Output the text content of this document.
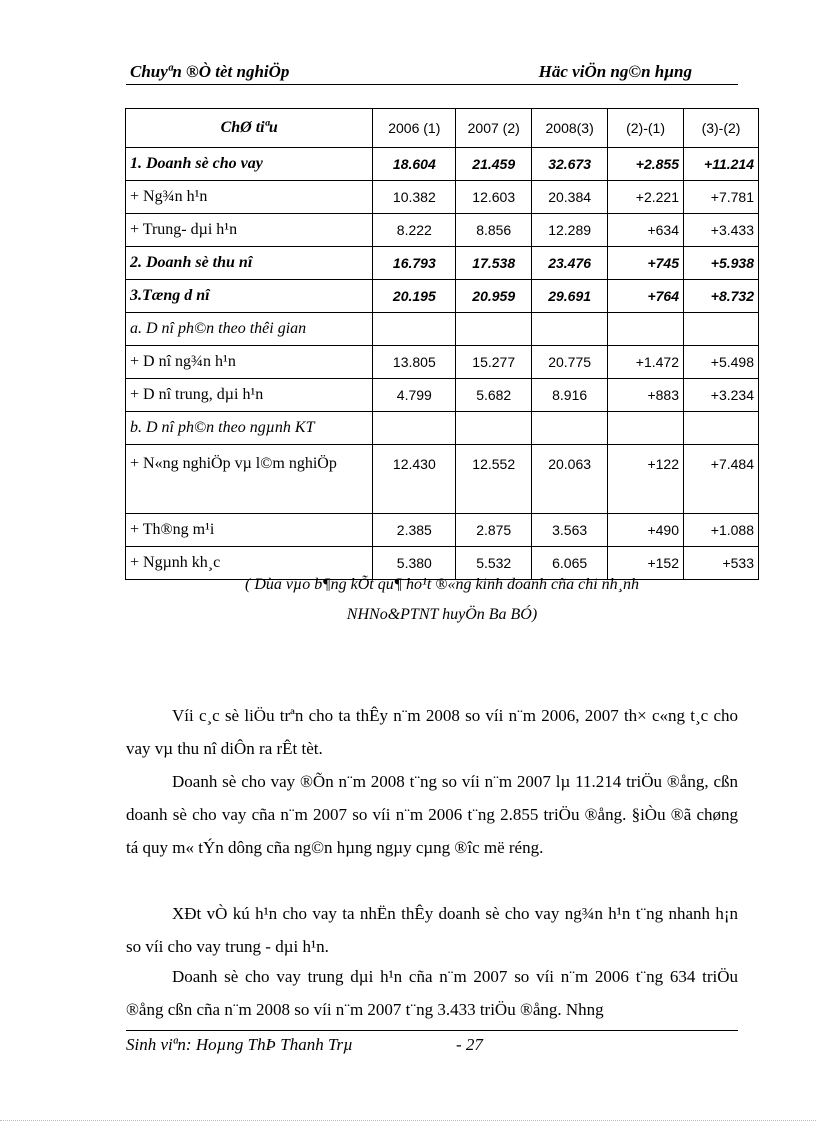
Chuyªn ®Ò tèt nghiÖp	Häc viÖn ng©n hµng
ChØ tiªu	2006 (1)	2007 (2)	2008(3)	(2)-(1)	(3)-(2)
1. Doanh sè cho vay	18.604	21.459	32.673	+2.855	+11.214
+ Ng¾n h¹n	10.382	12.603	20.384	+2.221	+7.781
+ Trung- dµi h¹n	8.222	8.856	12.289	+634	+3.433
2. Doanh sè thu nî	16.793	17.538	23.476	+745	+5.938
3.Tæng d nî	20.195	20.959	29.691	+764	+8.732
a. D nî ph©n theo thêi gian					
+ D nî ng¾n h¹n	13.805	15.277	20.775	+1.472	+5.498
+ D nî trung, dµi h¹n	4.799	5.682	8.916	+883	+3.234
b. D nî ph©n theo ngµnh KT					
+ N«ng nghiÖp vµ l©m nghiÖp	12.430	12.552	20.063	+122	+7.484
+ Th®ng m¹i	2.385	2.875	3.563	+490	+1.088
+ Ngµnh kh¸c	5.380	5.532	6.065	+152	+533
( Dùa vµo b¶ng kÕt qu¶ ho¹t ®«ng kinh doanh cña chi nh¸nh
NHNo&PTNT huyÖn Ba BÓ)
Víi c¸c sè liÖu trªn cho ta thÊy n¨m 2008 so víi n¨m 2006, 2007 th× c«ng t¸c cho vay vµ thu nî diÔn ra rÊt tèt.
Doanh sè cho vay ®Õn n¨m 2008 t¨ng so víi n¨m 2007 lµ 11.214 triÖu ®ång, cßn doanh sè cho vay cña n¨m 2007 so víi n¨m 2006 t¨ng 2.855 triÖu ®ång. §iÒu ®ã chøng tá quy m« tÝn dông cña ng©n hµng ngµy cµng ®îc më réng.
XÐt vÒ kú h¹n cho vay ta nhËn thÊy doanh sè cho vay ng¾n h¹n t¨ng nhanh h¡n so víi cho vay trung - dµi h¹n.
Doanh sè cho vay trung dµi h¹n cña n¨m 2007 so víi n¨m 2006 t¨ng 634 triÖu ®ång cßn cña n¨m 2008 so víi n¨m 2007 t¨ng 3.433 triÖu ®ång. Nhng
Sinh viªn: Hoµng ThÞ Thanh Trµ	- 27
